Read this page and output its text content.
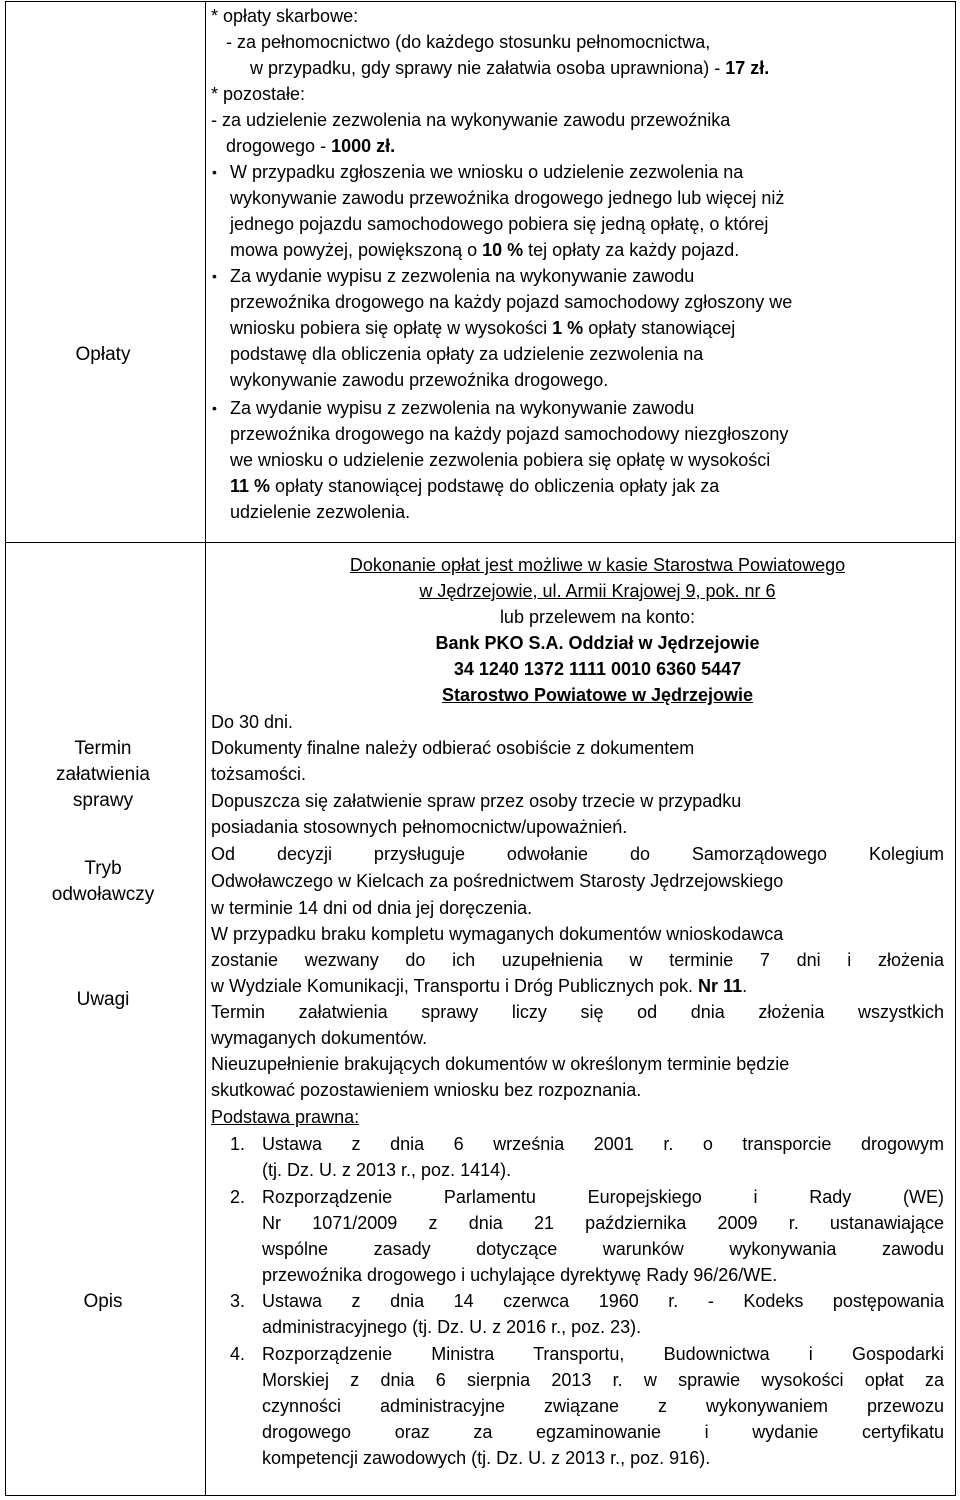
Opłaty
Termin
załatwienia
sprawy
Tryb
odwoławczy
Uwagi
Opis
* opłaty skarbowe:
- za pełnomocnictwo (do każdego stosunku pełnomocnictwa,
w przypadku, gdy sprawy nie załatwia osoba uprawniona) - 17 zł.
* pozostałe:
- za udzielenie zezwolenia na wykonywanie zawodu przewoźnika
drogowego - 1000 zł.
• W przypadku zgłoszenia we wniosku o udzielenie zezwolenia na
wykonywanie zawodu przewoźnika drogowego jednego lub więcej niż
jednego pojazdu samochodowego pobiera się jedną opłatę, o której
mowa powyżej, powiększoną o 10 % tej opłaty za każdy pojazd.
• Za wydanie wypisu z zezwolenia na wykonywanie zawodu
przewoźnika drogowego na każdy pojazd samochodowy zgłoszony we
wniosku pobiera się opłatę w wysokości 1 % opłaty stanowiącej
podstawę dla obliczenia opłaty za udzielenie zezwolenia na
wykonywanie zawodu przewoźnika drogowego.
• Za wydanie wypisu z zezwolenia na wykonywanie zawodu
przewoźnika drogowego na każdy pojazd samochodowy niezgłoszony
we wniosku o udzielenie zezwolenia pobiera się opłatę w wysokości
11 % opłaty stanowiącej podstawę do obliczenia opłaty jak za
udzielenie zezwolenia.
Dokonanie opłat jest możliwe w kasie Starostwa Powiatowego
w Jędrzejowie, ul. Armii Krajowej 9, pok. nr 6
lub przelewem na konto:
Bank PKO S.A. Oddział w Jędrzejowie
34 1240 1372 1111 0010 6360 5447
Starostwo Powiatowe w Jędrzejowie
Do 30 dni.
Dokumenty finalne należy odbierać osobiście z dokumentem
tożsamości.
Dopuszcza się załatwienie spraw przez osoby trzecie w przypadku
posiadania stosownych pełnomocnictw/upoważnień.
Od decyzji przysługuje odwołanie do Samorządowego Kolegium
Odwoławczego w Kielcach za pośrednictwem Starosty Jędrzejowskiego
w terminie 14 dni od dnia jej doręczenia.
W przypadku braku kompletu wymaganych dokumentów wnioskodawca
zostanie wezwany do ich uzupełnienia w terminie 7 dni i złożenia
w Wydziale Komunikacji, Transportu i Dróg Publicznych pok. Nr 11.
Termin załatwienia sprawy liczy się od dnia złożenia wszystkich
wymaganych dokumentów.
Nieuzupełnienie brakujących dokumentów w określonym terminie będzie
skutkować pozostawieniem wniosku bez rozpoznania.
Podstawa prawna:
1. Ustawa z dnia 6 września 2001 r. o transporcie drogowym
(tj. Dz. U. z 2013 r., poz. 1414).
2. Rozporządzenie Parlamentu Europejskiego i Rady (WE)
Nr 1071/2009 z dnia 21 października 2009 r. ustanawiające
wspólne zasady dotyczące warunków wykonywania zawodu
przewoźnika drogowego i uchylające dyrektywę Rady 96/26/WE.
3. Ustawa z dnia 14 czerwca 1960 r. - Kodeks postępowania
administracyjnego (tj. Dz. U. z 2016 r., poz. 23).
4. Rozporządzenie Ministra Transportu, Budownictwa i Gospodarki
Morskiej z dnia 6 sierpnia 2013 r. w sprawie wysokości opłat za
czynności administracyjne związane z wykonywaniem przewozu
drogowego oraz za egzaminowanie i wydanie certyfikatu
kompetencji zawodowych (tj. Dz. U. z 2013 r., poz. 916).
